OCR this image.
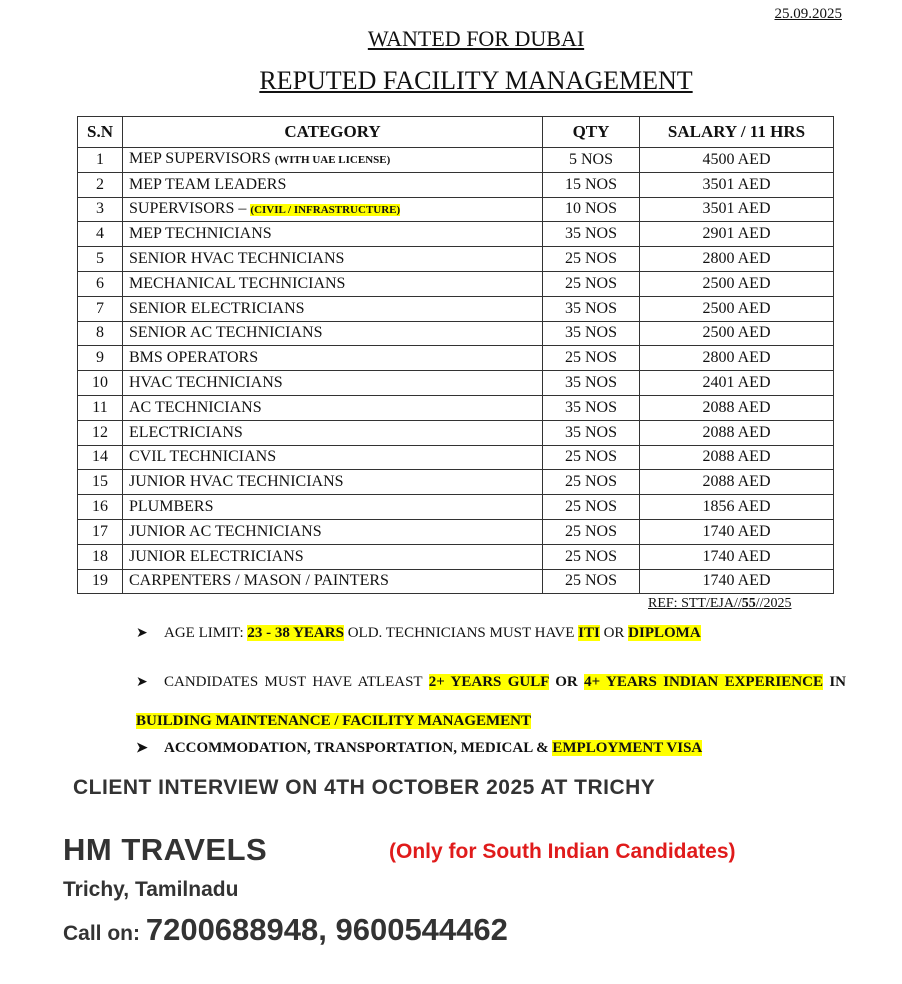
25.09.2025
WANTED FOR DUBAI
REPUTED FACILITY MANAGEMENT
S.N	CATEGORY	QTY	SALARY / 11 HRS
1	MEP SUPERVISORS (WITH UAE LICENSE)	5 NOS	4500 AED
2	MEP TEAM LEADERS	15 NOS	3501 AED
3	SUPERVISORS – (CIVIL / INFRASTRUCTURE)	10 NOS	3501 AED
4	MEP TECHNICIANS	35 NOS	2901 AED
5	SENIOR HVAC TECHNICIANS	25 NOS	2800 AED
6	MECHANICAL TECHNICIANS	25 NOS	2500 AED
7	SENIOR ELECTRICIANS	35 NOS	2500 AED
8	SENIOR AC TECHNICIANS	35 NOS	2500 AED
9	BMS OPERATORS	25 NOS	2800 AED
10	HVAC TECHNICIANS	35 NOS	2401 AED
11	AC TECHNICIANS	35 NOS	2088 AED
12	ELECTRICIANS	35 NOS	2088 AED
14	CVIL TECHNICIANS	25 NOS	2088 AED
15	JUNIOR HVAC TECHNICIANS	25 NOS	2088 AED
16	PLUMBERS	25 NOS	1856 AED
17	JUNIOR AC TECHNICIANS	25 NOS	1740 AED
18	JUNIOR ELECTRICIANS	25 NOS	1740 AED
19	CARPENTERS / MASON / PAINTERS	25 NOS	1740 AED
REF: STT/EJA//55//2025
➤ AGE LIMIT: 23 - 38 YEARS OLD. TECHNICIANS MUST HAVE ITI OR DIPLOMA
➤ CANDIDATES MUST HAVE ATLEAST 2+ YEARS GULF OR 4+ YEARS INDIAN EXPERIENCE IN BUILDING MAINTENANCE / FACILITY MANAGEMENT
➤ ACCOMMODATION, TRANSPORTATION, MEDICAL & EMPLOYMENT VISA
CLIENT INTERVIEW ON 4TH OCTOBER 2025 AT TRICHY
HM TRAVELS	(Only for South Indian Candidates)
Trichy, Tamilnadu
Call on: 7200688948, 9600544462
